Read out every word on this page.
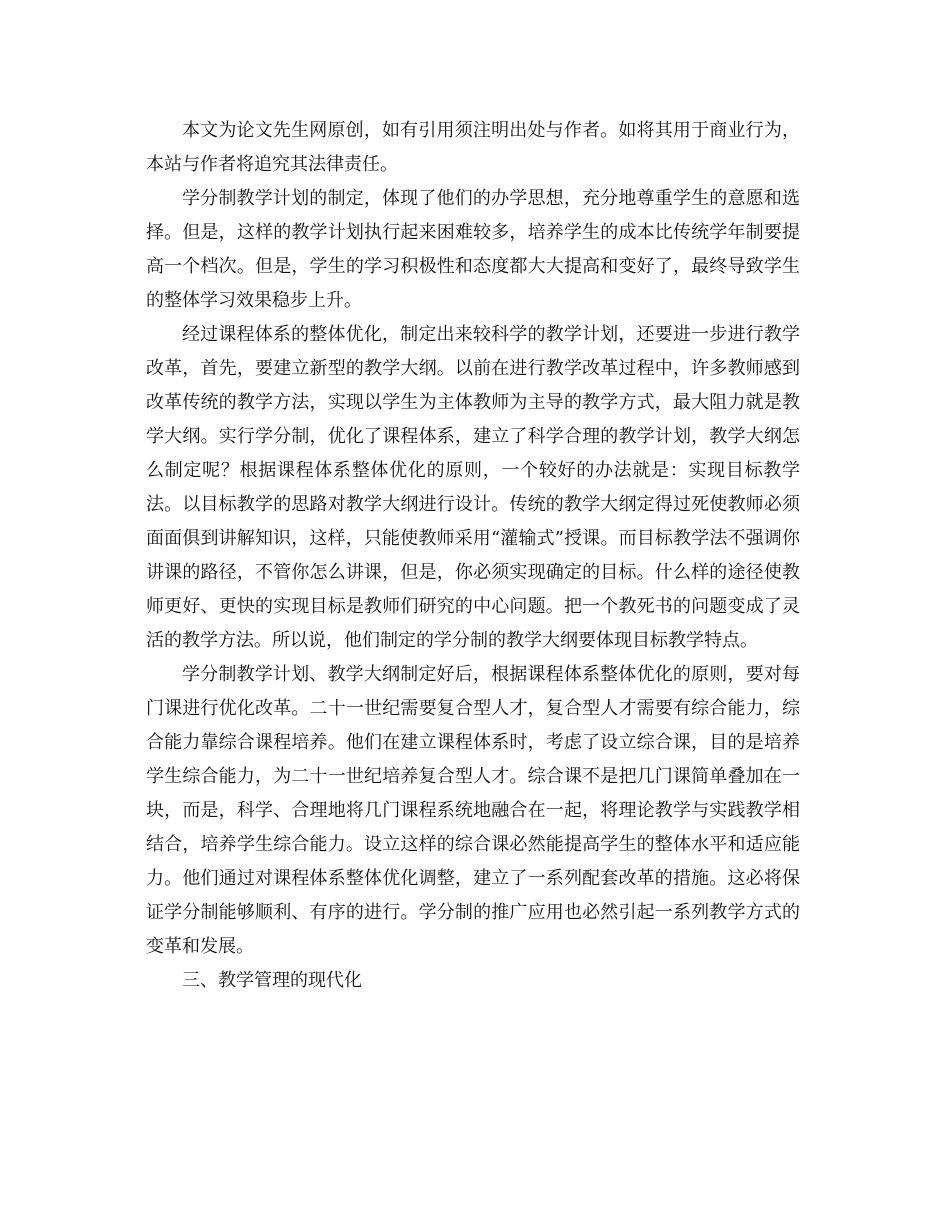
本文为论文先生网原创，如有引用须注明出处与作者。如将其用于商业行为，本站与作者将追究其法律责任。

学分制教学计划的制定，体现了他们的办学思想，充分地尊重学生的意愿和选择。但是，这样的教学计划执行起来困难较多，培养学生的成本比传统学年制要提高一个档次。但是，学生的学习积极性和态度都大大提高和变好了，最终导致学生的整体学习效果稳步上升。

经过课程体系的整体优化，制定出来较科学的教学计划，还要进一步进行教学改革，首先，要建立新型的教学大纲。以前在进行教学改革过程中，许多教师感到改革传统的教学方法，实现以学生为主体教师为主导的教学方式，最大阻力就是教学大纲。实行学分制，优化了课程体系，建立了科学合理的教学计划，教学大纲怎么制定呢？根据课程体系整体优化的原则，一个较好的办法就是：实现目标教学法。以目标教学的思路对教学大纲进行设计。传统的教学大纲定得过死使教师必须面面俱到讲解知识，这样，只能使教师采用“灌输式”授课。而目标教学法不强调你讲课的路径，不管你怎么讲课，但是，你必须实现确定的目标。什么样的途径使教师更好、更快的实现目标是教师们研究的中心问题。把一个教死书的问题变成了灵活的教学方法。所以说，他们制定的学分制的教学大纲要体现目标教学特点。

学分制教学计划、教学大纲制定好后，根据课程体系整体优化的原则，要对每门课进行优化改革。二十一世纪需要复合型人才，复合型人才需要有综合能力，综合能力靠综合课程培养。他们在建立课程体系时，考虑了设立综合课，目的是培养学生综合能力，为二十一世纪培养复合型人才。综合课不是把几门课简单叠加在一块，而是，科学、合理地将几门课程系统地融合在一起，将理论教学与实践教学相结合，培养学生综合能力。设立这样的综合课必然能提高学生的整体水平和适应能力。他们通过对课程体系整体优化调整，建立了一系列配套改革的措施。这必将保证学分制能够顺利、有序的进行。学分制的推广应用也必然引起一系列教学方式的变革和发展。

三、教学管理的现代化
